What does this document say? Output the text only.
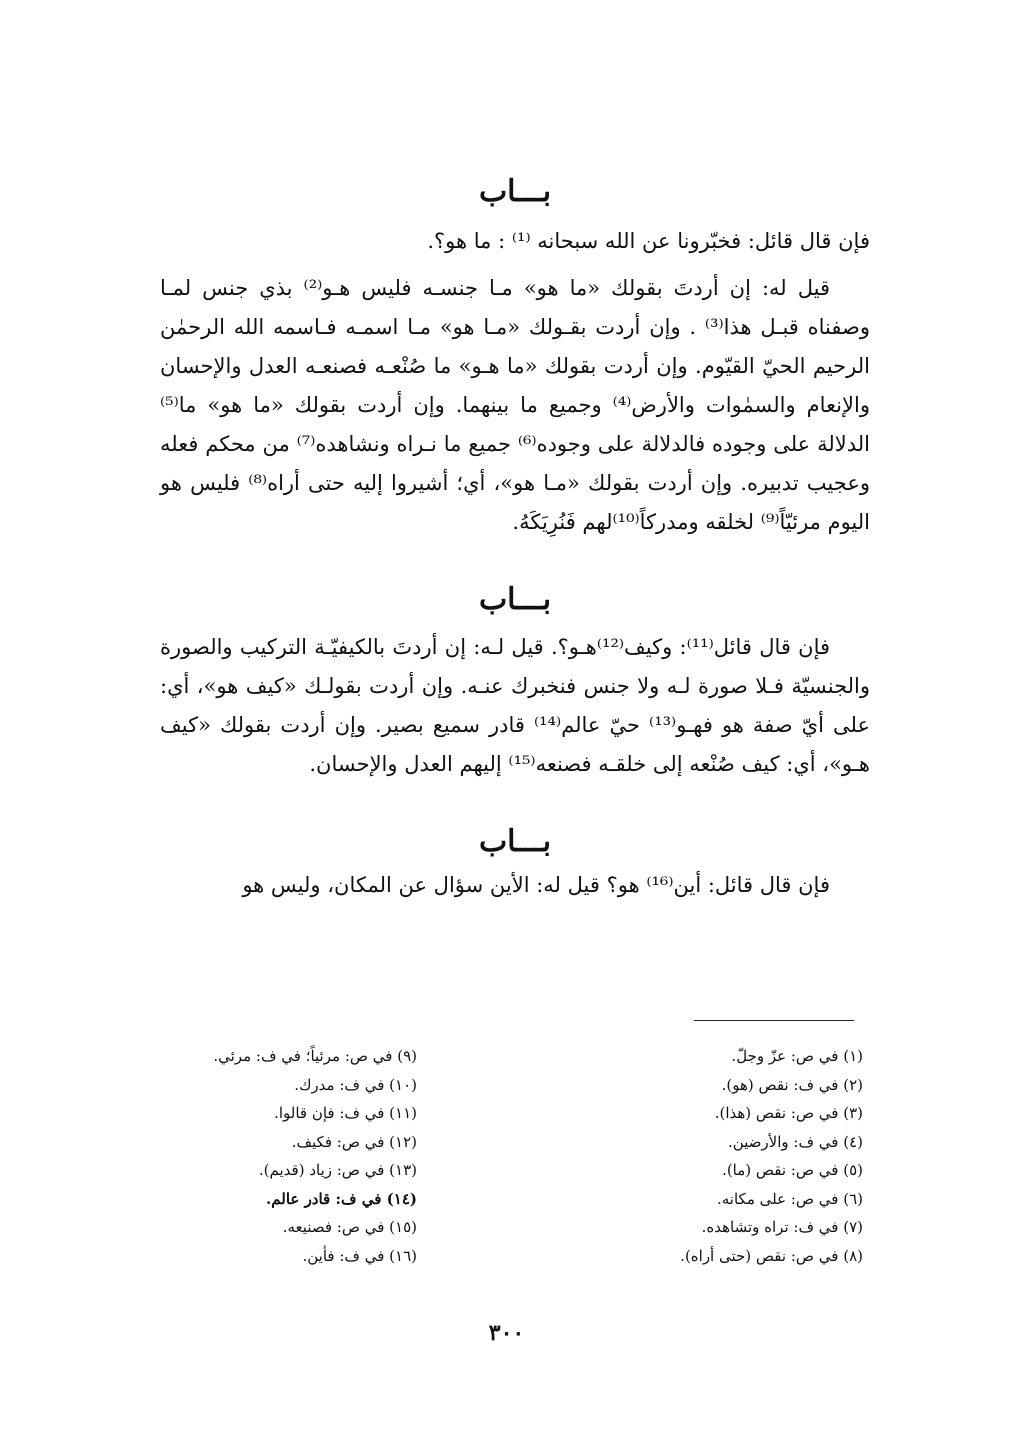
بـــاب

فإن قال قائل: فخبّرونا عن الله سبحانه ⁽¹⁾ : ما هو؟.

قيل له: إن أردتَ بقولك «ما هو» مـا جنسـه فليس هـو⁽²⁾ بذي جنس لمـا وصفناه قبـل هذا⁽³⁾ . وإن أردت بقـولك «مـا هو» مـا اسمـه فـاسمه الله الرحمٰن الرحيم الحيّ القيّوم. وإن أردت بقولك «ما هـو» ما صُنْعـه فصنعـه العدل والإحسان والإنعام والسمٰوات والأرض⁽⁴⁾ وجميع ما بينهما. وإن أردت بقولك «ما هو» ما⁽⁵⁾ الدلالة على وجوده فالدلالة على وجوده⁽⁶⁾ جميع ما نـراه ونشاهده⁽⁷⁾ من محكم فعله وعجيب تدبيره. وإن أردت بقولك «مـا هو»، أي؛ أشيروا إليه حتى أراه⁽⁸⁾ فليس هو اليوم مرئيّاً⁽⁹⁾ لخلقه ومدركاً⁽¹⁰⁾لهم فَنُرِيَكَهُ.

بـــاب

فإن قال قائل⁽¹¹⁾: وكيف⁽¹²⁾هـو؟. قيل لـه: إن أردتَ بالكيفيّـة التركيب والصورة والجنسيّة فـلا صورة لـه ولا جنس فنخبرك عنـه. وإن أردت بقولـك «كيف هو»، أي: على أيّ صفة هو فهـو⁽¹³⁾ حيّ عالم⁽¹⁴⁾ قادر سميع بصير. وإن أردت بقولك «كيف هـو»، أي: كيف صُنْعه إلى خلقـه فصنعه⁽¹⁵⁾ إليهم العدل والإحسان.

بـــاب

فإن قال قائل: أين⁽¹⁶⁾ هو؟ قيل له: الأين سؤال عن المكان، وليس هو

(١) في ص: عزّ وجلّ.
(٢) في ف: نقص (هو).
(٣) في ص: نقص (هذا).
(٤) في ف: والأرضين.
(٥) في ص: نقص (ما).
(٦) في ص: على مكانه.
(٧) في ف: تراه وتشاهده.
(٨) في ص: نقص (حتى أراه).
(٩) في ص: مرئياً؛ في ف: مرئي.
(١٠) في ف: مدرك.
(١١) في ف: فإن قالوا.
(١٢) في ص: فكيف.
(١٣) في ص: زياد (قديم).
(١٤) في ف: قادر عالم.
(١٥) في ص: فصنيعه.
(١٦) في ف: فأين.
٣٠٠
